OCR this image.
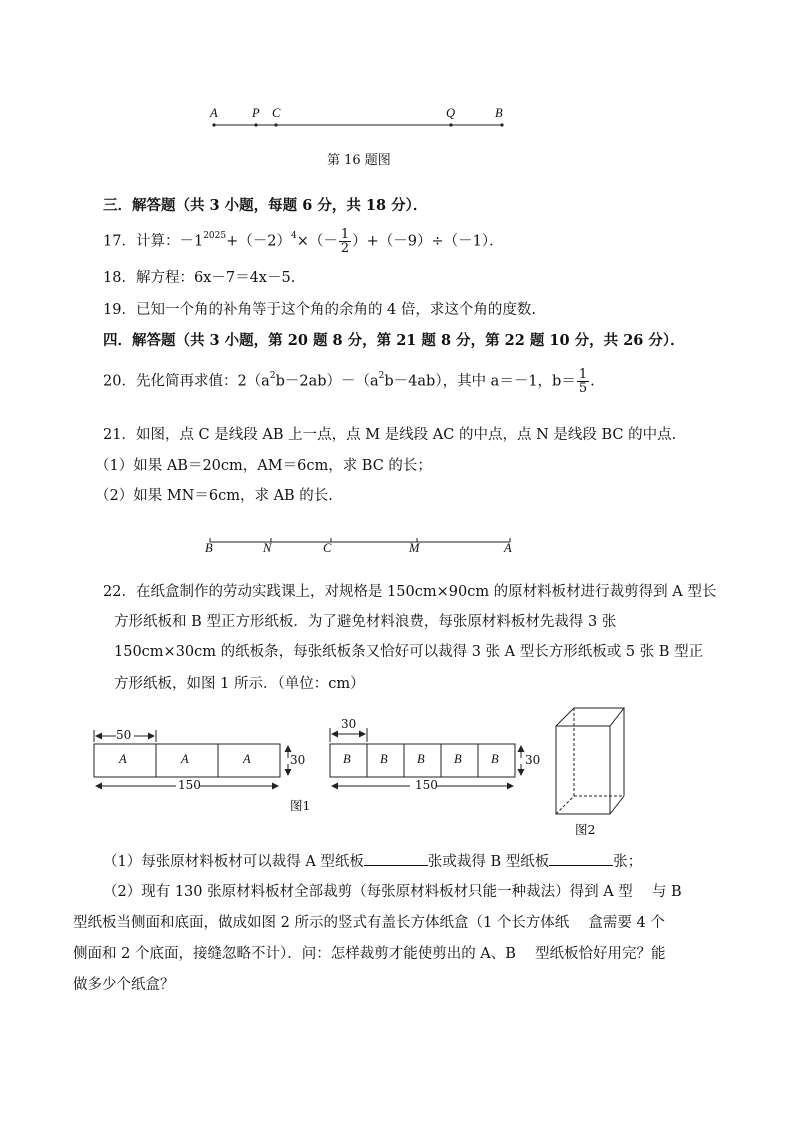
A	P C	Q	B
第 16 题图
三．解答题（共 3 小题，每题 6 分，共 18 分）．
17．计算：$-1^{2025}+(-2)^4\times(- \frac{1}{2} )+(-9)\div(-1)$．
18．解方程：6x－7＝4x－5.
19．已知一个角的补角等于这个角的余角的 4 倍，求这个角的度数.
四．解答题（共 3 小题，第 20 题 8 分，第 21 题 8 分，第 22 题 10 分，共 26 分）．
20．先化简再求值：$2(a^2b-2ab)-(a^2b-4ab)$，其中 a＝－1，$b= \frac{1}{5}$ .
21．如图，点 C 是线段 AB 上一点，点 M 是线段 AC 的中点，点 N 是线段 BC 的中点.
（1）如果 AB＝20cm，AM＝6cm，求 BC 的长；
（2）如果 MN＝6cm，求 AB 的长.
B	N	C	M	A
22．在纸盒制作的劳动实践课上，对规格是 150cm×90cm 的原材料板材进行裁剪得到 A 型长
方形纸板和 B 型正方形纸板．为了避免材料浪费，每张原材料板材先裁得 3 张
150cm×30cm 的纸板条，每张纸板条又恰好可以裁得 3 张 A 型长方形纸板或 5 张 B 型正
方形纸板，如图 1 所示．（单位：cm）
A	A	A
50
30
150
图1
B B B B B
30
30
150
图2
（1）每张原材料板材可以裁得 A 型纸板	张或裁得 B 型纸板	张；
（2）现有 130 张原材料板材全部裁剪（每张原材料板材只能一种裁法）得到 A 型　 与 B
型纸板当侧面和底面，做成如图 2 所示的竖式有盖长方体纸盒（1 个长方体纸　 盒需要 4 个
侧面和 2 个底面，接缝忽略不计）．问：怎样裁剪才能使剪出的 A、B　 型纸板恰好用完？能
做多少个纸盒？
